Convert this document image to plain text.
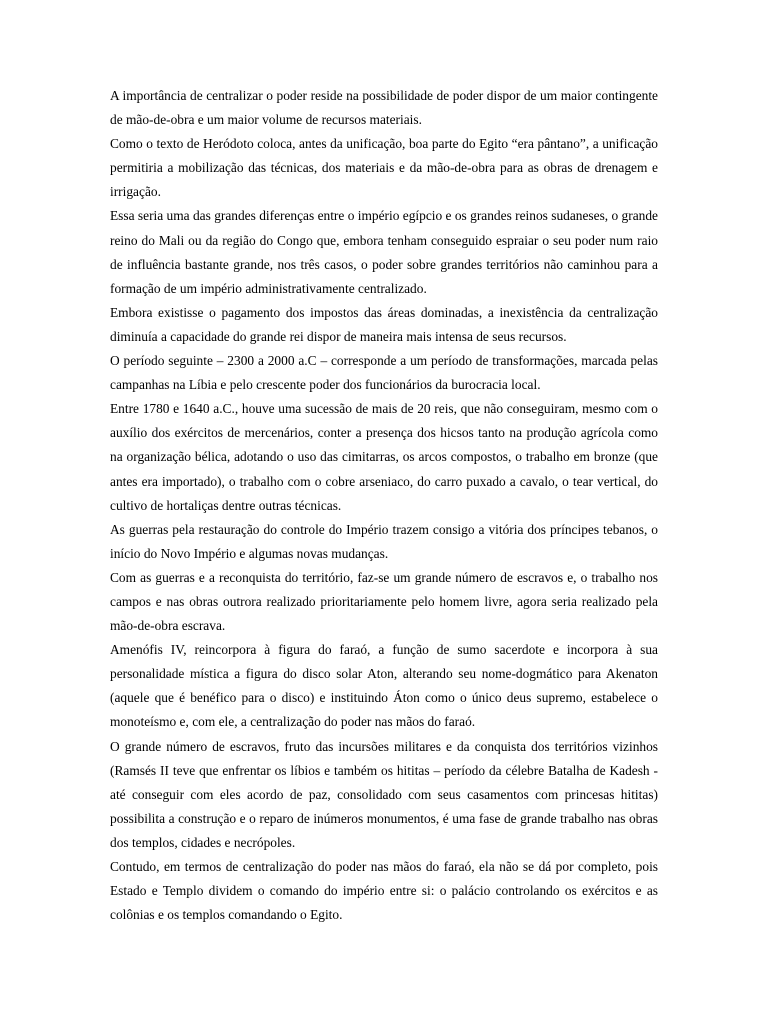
A importância de centralizar o poder reside na possibilidade de poder dispor de um maior contingente de mão-de-obra e um maior volume de recursos materiais.

Como o texto de Heródoto coloca, antes da unificação, boa parte do Egito “era pântano”, a unificação permitiria a mobilização das técnicas, dos materiais e da mão-de-obra para as obras de drenagem e irrigação.

Essa seria uma das grandes diferenças entre o império egípcio e os grandes reinos sudaneses, o grande reino do Mali ou da região do Congo que, embora tenham conseguido espraiar o seu poder num raio de influência bastante grande, nos três casos, o poder sobre grandes territórios não caminhou para a formação de um império administrativamente centralizado.

Embora existisse o pagamento dos impostos das áreas dominadas, a inexistência da centralização diminuía a capacidade do grande rei dispor de maneira mais intensa de seus recursos.

O período seguinte – 2300 a 2000 a.C – corresponde a um período de transformações, marcada pelas campanhas na Líbia e pelo crescente poder dos funcionários da burocracia local.

Entre 1780 e 1640 a.C., houve uma sucessão de mais de 20 reis, que não conseguiram, mesmo com o auxílio dos exércitos de mercenários, conter a presença dos hicsos tanto na produção agrícola como na organização bélica, adotando o uso das cimitarras, os arcos compostos, o trabalho em bronze (que antes era importado), o trabalho com o cobre arseniaco, do carro puxado a cavalo, o tear vertical, do cultivo de hortaliças dentre outras técnicas.

As guerras pela restauração do controle do Império trazem consigo a vitória dos príncipes tebanos, o início do Novo Império e algumas novas mudanças.

Com as guerras e a reconquista do território, faz-se um grande número de escravos e, o trabalho nos campos e nas obras outrora realizado prioritariamente pelo homem livre, agora seria realizado pela mão-de-obra escrava.

Amenófis IV, reincorpora à figura do faraó, a função de sumo sacerdote e incorpora à sua personalidade mística a figura do disco solar Aton, alterando seu nome-dogmático para Akenaton (aquele que é benéfico para o disco) e instituindo Áton como o único deus supremo, estabelece o monoteísmo e, com ele, a centralização do poder nas mãos do faraó.

O grande número de escravos, fruto das incursões militares e da conquista dos territórios vizinhos (Ramsés II teve que enfrentar os líbios e também os hititas – período da célebre Batalha de Kadesh - até conseguir com eles acordo de paz, consolidado com seus casamentos com princesas hititas) possibilita a construção e o reparo de inúmeros monumentos, é uma fase de grande trabalho nas obras dos templos, cidades e necrópoles.

Contudo, em termos de centralização do poder nas mãos do faraó, ela não se dá por completo, pois Estado e Templo dividem o comando do império entre si: o palácio controlando os exércitos e as colônias e os templos comandando o Egito.
